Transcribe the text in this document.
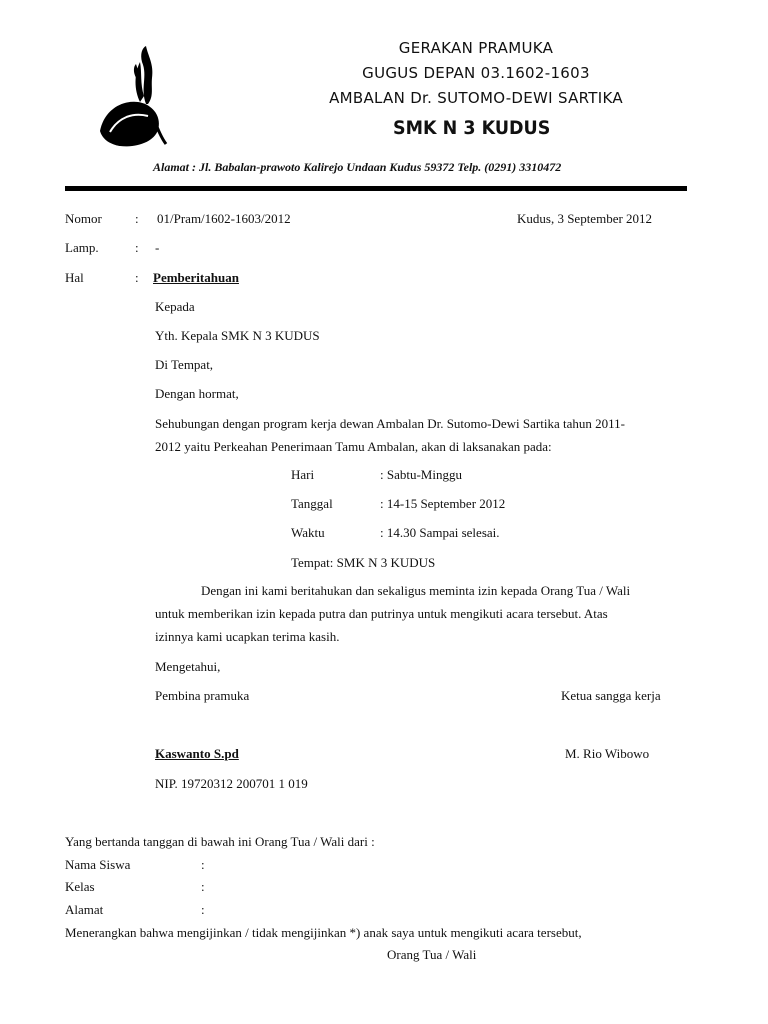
GERAKAN PRAMUKA
GUGUS DEPAN 03.1602-1603
AMBALAN Dr. SUTOMO-DEWI SARTIKA
SMK N 3 KUDUS
Alamat : Jl. Babalan-prawoto Kalirejo Undaan Kudus 59372 Telp. (0291) 3310472
Nomor	: 01/Pram/1602-1603/2012	Kudus, 3 September 2012
Lamp.	: -
Hal	: Pemberitahuan
Kepada
Yth. Kepala SMK N 3 KUDUS
Di Tempat,
Dengan hormat,
Sehubungan dengan program kerja dewan Ambalan Dr. Sutomo-Dewi Sartika tahun 2011-
2012 yaitu Perkeahan Penerimaan Tamu Ambalan, akan di laksanakan pada:
Hari	: Sabtu-Minggu
Tanggal	: 14-15 September 2012
Waktu	: 14.30 Sampai selesai.
Tempat: SMK N 3 KUDUS
Dengan ini kami beritahukan dan sekaligus meminta izin kepada Orang Tua / Wali
untuk memberikan izin kepada putra dan putrinya untuk mengikuti acara tersebut. Atas
izinnya kami ucapkan terima kasih.
Mengetahui,
Pembina pramuka	Ketua sangga kerja
Kaswanto S.pd	M. Rio Wibowo
NIP. 19720312 200701 1 019
Yang bertanda tanggan di bawah ini Orang Tua / Wali dari :
Nama Siswa	:
Kelas	:
Alamat	:
Menerangkan bahwa mengijinkan / tidak mengijinkan *) anak saya untuk mengikuti acara tersebut,
Orang Tua / Wali
